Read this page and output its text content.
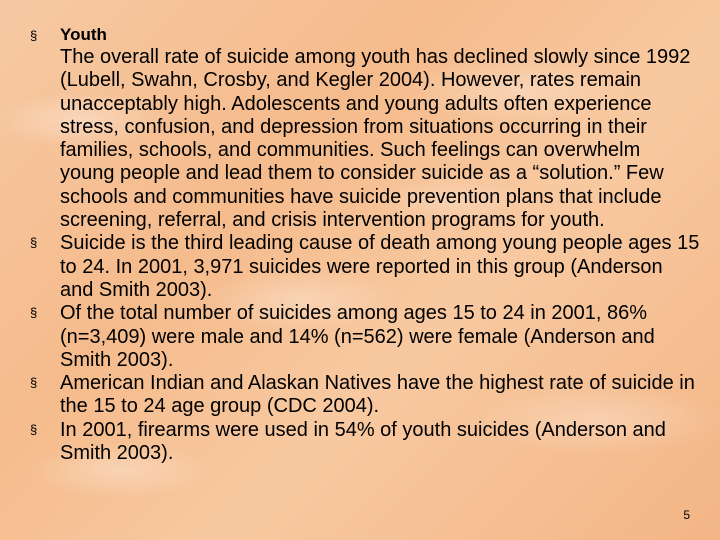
§ Youth
The overall rate of suicide among youth has declined slowly since 1992 (Lubell, Swahn, Crosby, and Kegler 2004). However, rates remain unacceptably high. Adolescents and young adults often experience stress, confusion, and depression from situations occurring in their families, schools, and communities. Such feelings can overwhelm young people and lead them to consider suicide as a “solution.” Few schools and communities have suicide prevention plans that include screening, referral, and crisis intervention programs for youth.
§ Suicide is the third leading cause of death among young people ages 15 to 24. In 2001, 3,971 suicides were reported in this group (Anderson and Smith 2003).
§ Of the total number of suicides among ages 15 to 24 in 2001, 86% (n=3,409) were male and 14% (n=562) were female (Anderson and Smith 2003).
§ American Indian and Alaskan Natives have the highest rate of suicide in the 15 to 24 age group (CDC 2004).
§ In 2001, firearms were used in 54% of youth suicides (Anderson and Smith 2003).
5
